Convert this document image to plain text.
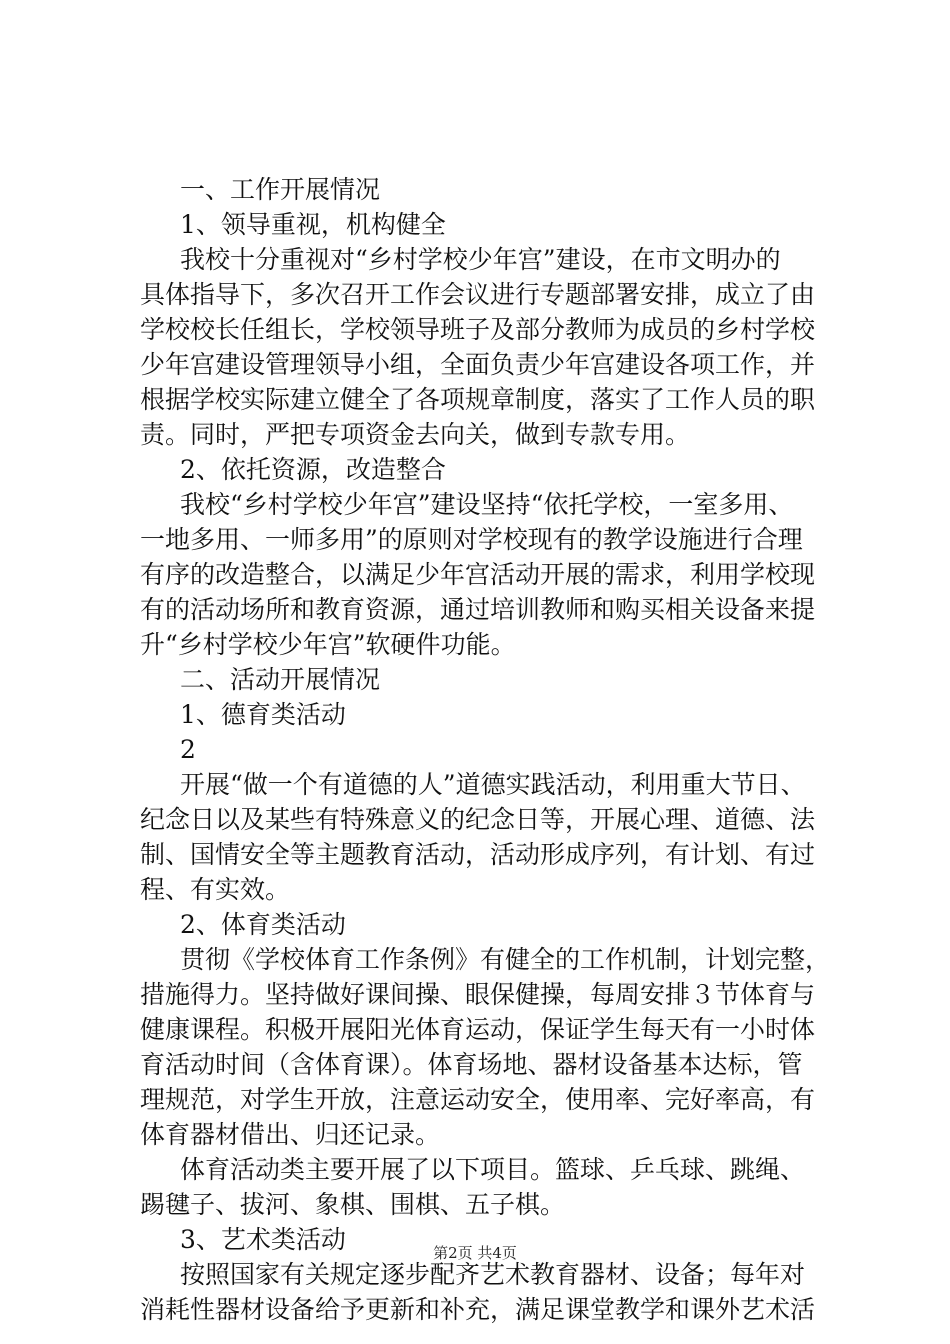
一、工作开展情况
1、领导重视，机构健全
我校十分重视对“乡村学校少年宫”建设，在市文明办的
具体指导下，多次召开工作会议进行专题部署安排，成立了由
学校校长任组长，学校领导班子及部分教师为成员的乡村学校
少年宫建设管理领导小组，全面负责少年宫建设各项工作，并
根据学校实际建立健全了各项规章制度，落实了工作人员的职
责。同时，严把专项资金去向关，做到专款专用。
2、依托资源，改造整合
我校“乡村学校少年宫”建设坚持“依托学校，一室多用、
一地多用、一师多用”的原则对学校现有的教学设施进行合理
有序的改造整合，以满足少年宫活动开展的需求，利用学校现
有的活动场所和教育资源，通过培训教师和购买相关设备来提
升“乡村学校少年宫”软硬件功能。
二、活动开展情况
1、德育类活动
2
开展“做一个有道德的人”道德实践活动，利用重大节日、
纪念日以及某些有特殊意义的纪念日等，开展心理、道德、法
制、国情安全等主题教育活动，活动形成序列，有计划、有过
程、有实效。
2、体育类活动
贯彻《学校体育工作条例》有健全的工作机制，计划完整，
措施得力。坚持做好课间操、眼保健操，每周安排３节体育与
健康课程。积极开展阳光体育运动，保证学生每天有一小时体
育活动时间（含体育课）。体育场地、器材设备基本达标，管
理规范，对学生开放，注意运动安全，使用率、完好率高，有
体育器材借出、归还记录。
体育活动类主要开展了以下项目。篮球、乒乓球、跳绳、
踢毽子、拔河、象棋、围棋、五子棋。
3、艺术类活动
按照国家有关规定逐步配齐艺术教育器材、设备；每年对
消耗性器材设备给予更新和补充，满足课堂教学和课外艺术活
第2页 共4页
